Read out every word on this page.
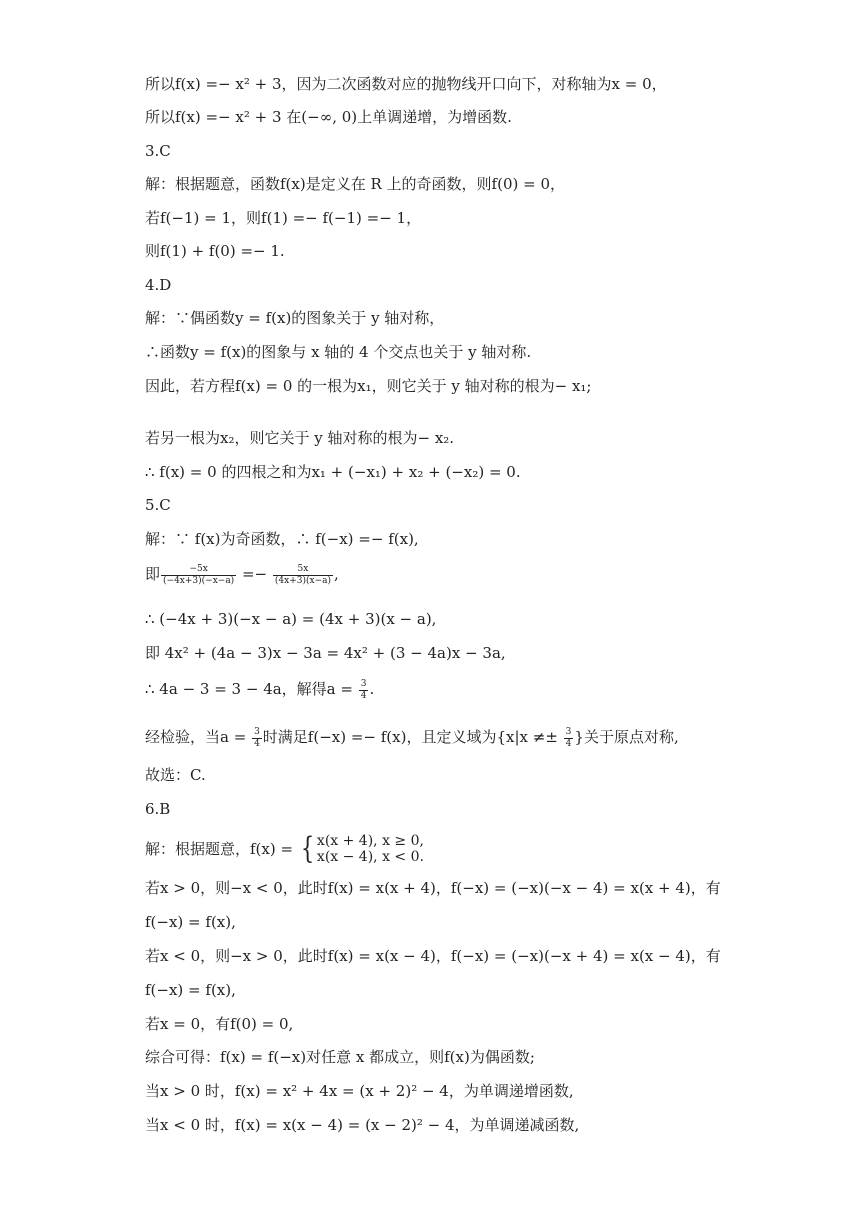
所以f(x) =− x² + 3，因为二次函数对应的抛物线开口向下，对称轴为x = 0，
所以f(x) =− x² + 3 在(−∞, 0)上单调递增，为增函数.
3.C
解：根据题意，函数f(x)是定义在 R 上的奇函数，则f(0) = 0，
若f(−1) = 1，则f(1) =− f(−1) =− 1，
则f(1) + f(0) =− 1.
4.D
解：∵偶函数y = f(x)的图象关于 y 轴对称，
∴函数y = f(x)的图象与 x 轴的 4 个交点也关于 y 轴对称.
因此，若方程f(x) = 0 的一根为x₁，则它关于 y 轴对称的根为− x₁;
若另一根为x₂，则它关于 y 轴对称的根为− x₂.
∴ f(x) = 0 的四根之和为x₁ + (−x₁) + x₂ + (−x₂) = 0.
5.C
解：∵ f(x)为奇函数，∴ f(−x) =− f(x),
即 $\frac{-5x}{(-4x+3)(-x-a)} =- \frac{5x}{(4x+3)(x-a)}$ ,
∴ (−4x + 3)(−x − a) = (4x + 3)(x − a),
即 4x² + (4a − 3)x − 3a = 4x² + (3 − 4a)x − 3a,
∴ 4a − 3 = 3 − 4a，解得$a = \frac{3}{4}$ .
经检验，当$a = \frac{3}{4}$ 时满足f(−x) =− f(x)，且定义域为{$x|x \ne\pm \frac{3}{4}$ }关于原点对称,
故选：C.
6.B
解：根据题意，f(x) = { x(x + 4), x ≥ 0,
x(x − 4), x < 0.
若x > 0，则−x < 0，此时f(x) = x(x + 4)，f(−x) = (−x)(−x − 4) = x(x + 4)，有
f(−x) = f(x),
若x < 0，则−x > 0，此时f(x) = x(x − 4)，f(−x) = (−x)(−x + 4) = x(x − 4)，有
f(−x) = f(x),
若x = 0，有f(0) = 0,
综合可得：f(x) = f(−x)对任意 x 都成立，则f(x)为偶函数;
当x > 0 时，f(x) = x² + 4x = (x + 2)² − 4，为单调递增函数,
当x < 0 时，f(x) = x(x − 4) = (x − 2)² − 4，为单调递减函数,
